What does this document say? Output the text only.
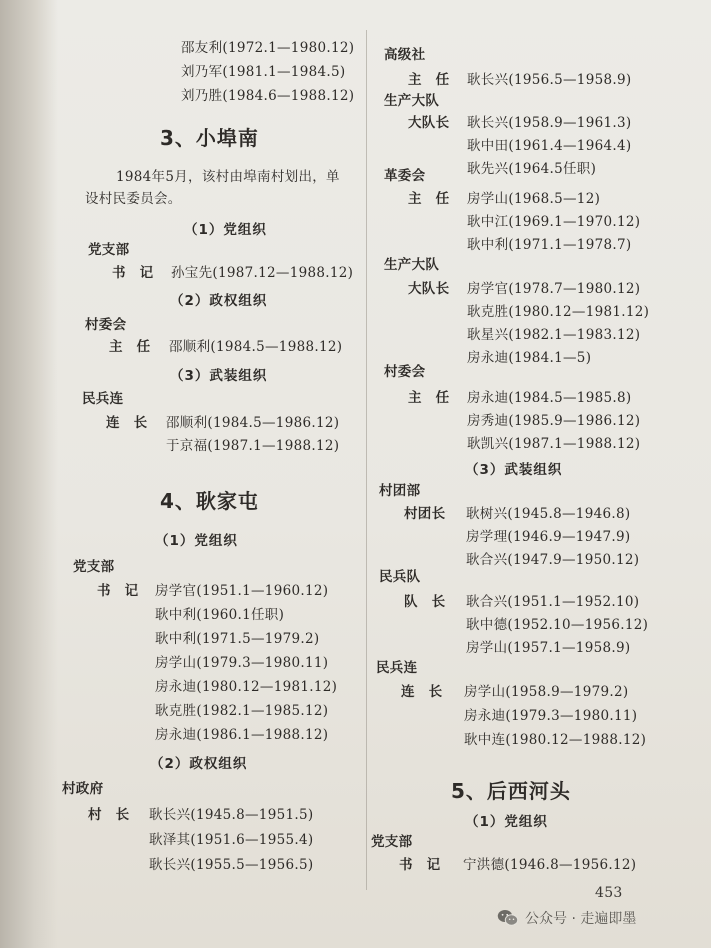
邵友利(1972.1—1980.12)
刘乃军(1981.1—1984.5)
刘乃胜(1984.6—1988.12)
3、小埠南
1984年5月，该村由埠南村划出，单
设村民委员会。
（1）党组织
党支部
书　记 孙宝先(1987.12—1988.12)
（2）政权组织
村委会
主　任 邵顺利(1984.5—1988.12)
（3）武装组织
民兵连
连　长 邵顺利(1984.5—1986.12)
于京福(1987.1—1988.12)
4、耿家屯
（1）党组织
党支部
书　记 房学官(1951.1—1960.12)
耿中利(1960.1任职)
耿中利(1971.5—1979.2)
房学山(1979.3—1980.11)
房永迪(1980.12—1981.12)
耿克胜(1982.1—1985.12)
房永迪(1986.1—1988.12)
（2）政权组织
村政府
村　长 耿长兴(1945.8—1951.5)
耿泽其(1951.6—1955.4)
耿长兴(1955.5—1956.5)
高级社
主　任 耿长兴(1956.5—1958.9)
生产大队
大队长 耿长兴(1958.9—1961.3)
耿中田(1961.4—1964.4)
耿先兴(1964.5任职)
革委会
主　任 房学山(1968.5—12)
耿中江(1969.1—1970.12)
耿中利(1971.1—1978.7)
生产大队
大队长 房学官(1978.7—1980.12)
耿克胜(1980.12—1981.12)
耿星兴(1982.1—1983.12)
房永迪(1984.1—5)
村委会
主　任 房永迪(1984.5—1985.8)
房秀迪(1985.9—1986.12)
耿凯兴(1987.1—1988.12)
（3）武装组织
村团部
村团长 耿树兴(1945.8—1946.8)
房学理(1946.9—1947.9)
耿合兴(1947.9—1950.12)
民兵队
队　长 耿合兴(1951.1—1952.10)
耿中德(1952.10—1956.12)
房学山(1957.1—1958.9)
民兵连
连　长 房学山(1958.9—1979.2)
房永迪(1979.3—1980.11)
耿中连(1980.12—1988.12)
5、后西河头
（1）党组织
党支部
书　记 宁洪德(1946.8—1956.12)
453
公众号 · 走遍即墨
